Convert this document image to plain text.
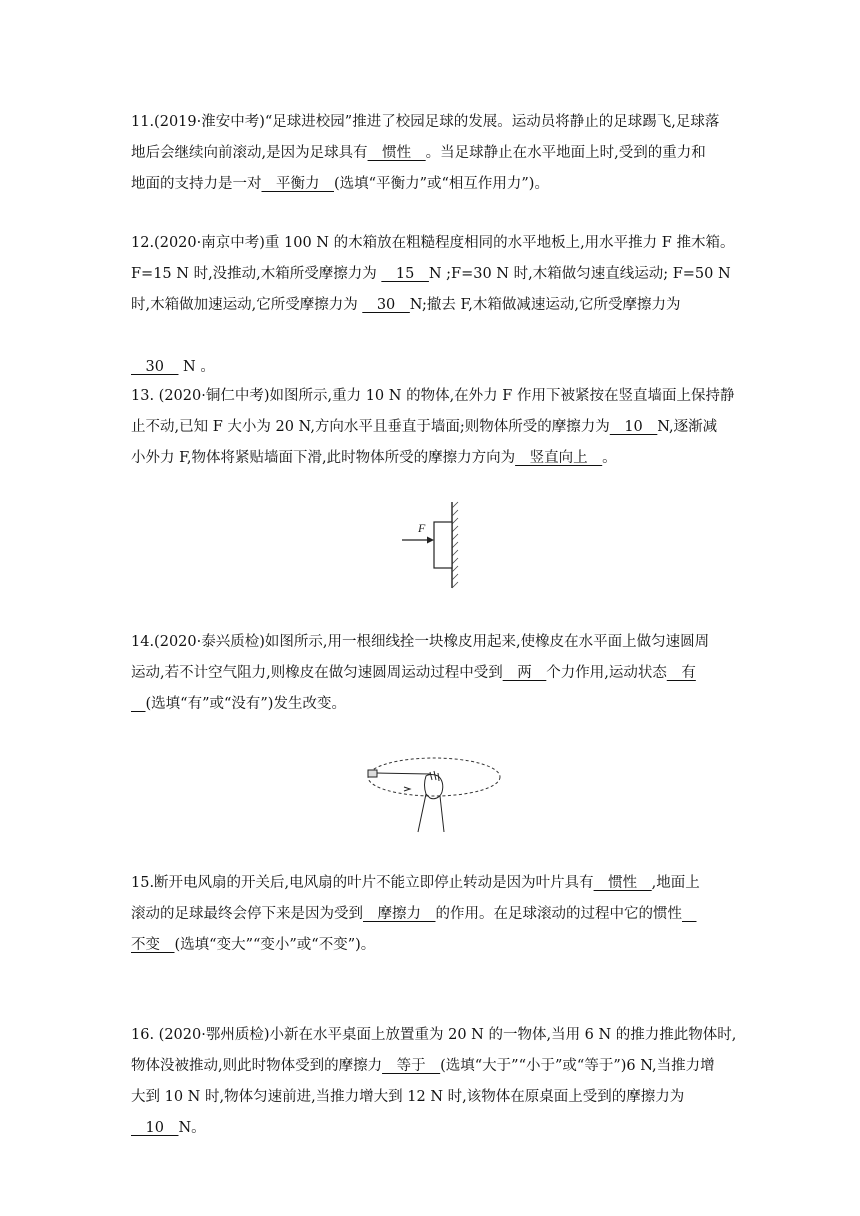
11.(2019·淮安中考)“足球进校园”推进了校园足球的发展。运动员将静止的足球踢飞,足球落
地后会继续向前滚动,是因为足球具有__惯性__。当足球静止在水平地面上时,受到的重力和
地面的支持力是一对__平衡力__(选填“平衡力”或“相互作用力”)。
12.(2020·南京中考)重 100 N 的木箱放在粗糙程度相同的水平地板上,用水平推力 F 推木箱。
F=15 N 时,没推动,木箱所受摩擦力为 __15__N ;F=30 N 时,木箱做匀速直线运动; F=50 N
时,木箱做加速运动,它所受摩擦力为 __30__N;撤去 F,木箱做减速运动,它所受摩擦力为
__30__ N 。
13. (2020·铜仁中考)如图所示,重力 10 N 的物体,在外力 F 作用下被紧按在竖直墙面上保持静
止不动,已知 F 大小为 20 N,方向水平且垂直于墙面;则物体所受的摩擦力为__10__N,逐渐减
小外力 F,物体将紧贴墙面下滑,此时物体所受的摩擦力方向为__竖直向上__。
14.(2020·泰兴质检)如图所示,用一根细线拴一块橡皮用起来,使橡皮在水平面上做匀速圆周
运动,若不计空气阻力,则橡皮在做匀速圆周运动过程中受到__两__个力作用,运动状态__有
__(选填“有”或“没有”)发生改变。
15.断开电风扇的开关后,电风扇的叶片不能立即停止转动是因为叶片具有__惯性__,地面上
滚动的足球最终会停下来是因为受到__摩擦力__的作用。在足球滚动的过程中它的惯性__
不变__(选填“变大”“变小”或“不变”)。
16. (2020·鄂州质检)小新在水平桌面上放置重为 20 N 的一物体,当用 6 N 的推力推此物体时,
物体没被推动,则此时物体受到的摩擦力__等于__(选填“大于”“小于”或“等于”)6 N,当推力增
大到 10 N 时,物体匀速前进,当推力增大到 12 N 时,该物体在原桌面上受到的摩擦力为
__10__N。
F
